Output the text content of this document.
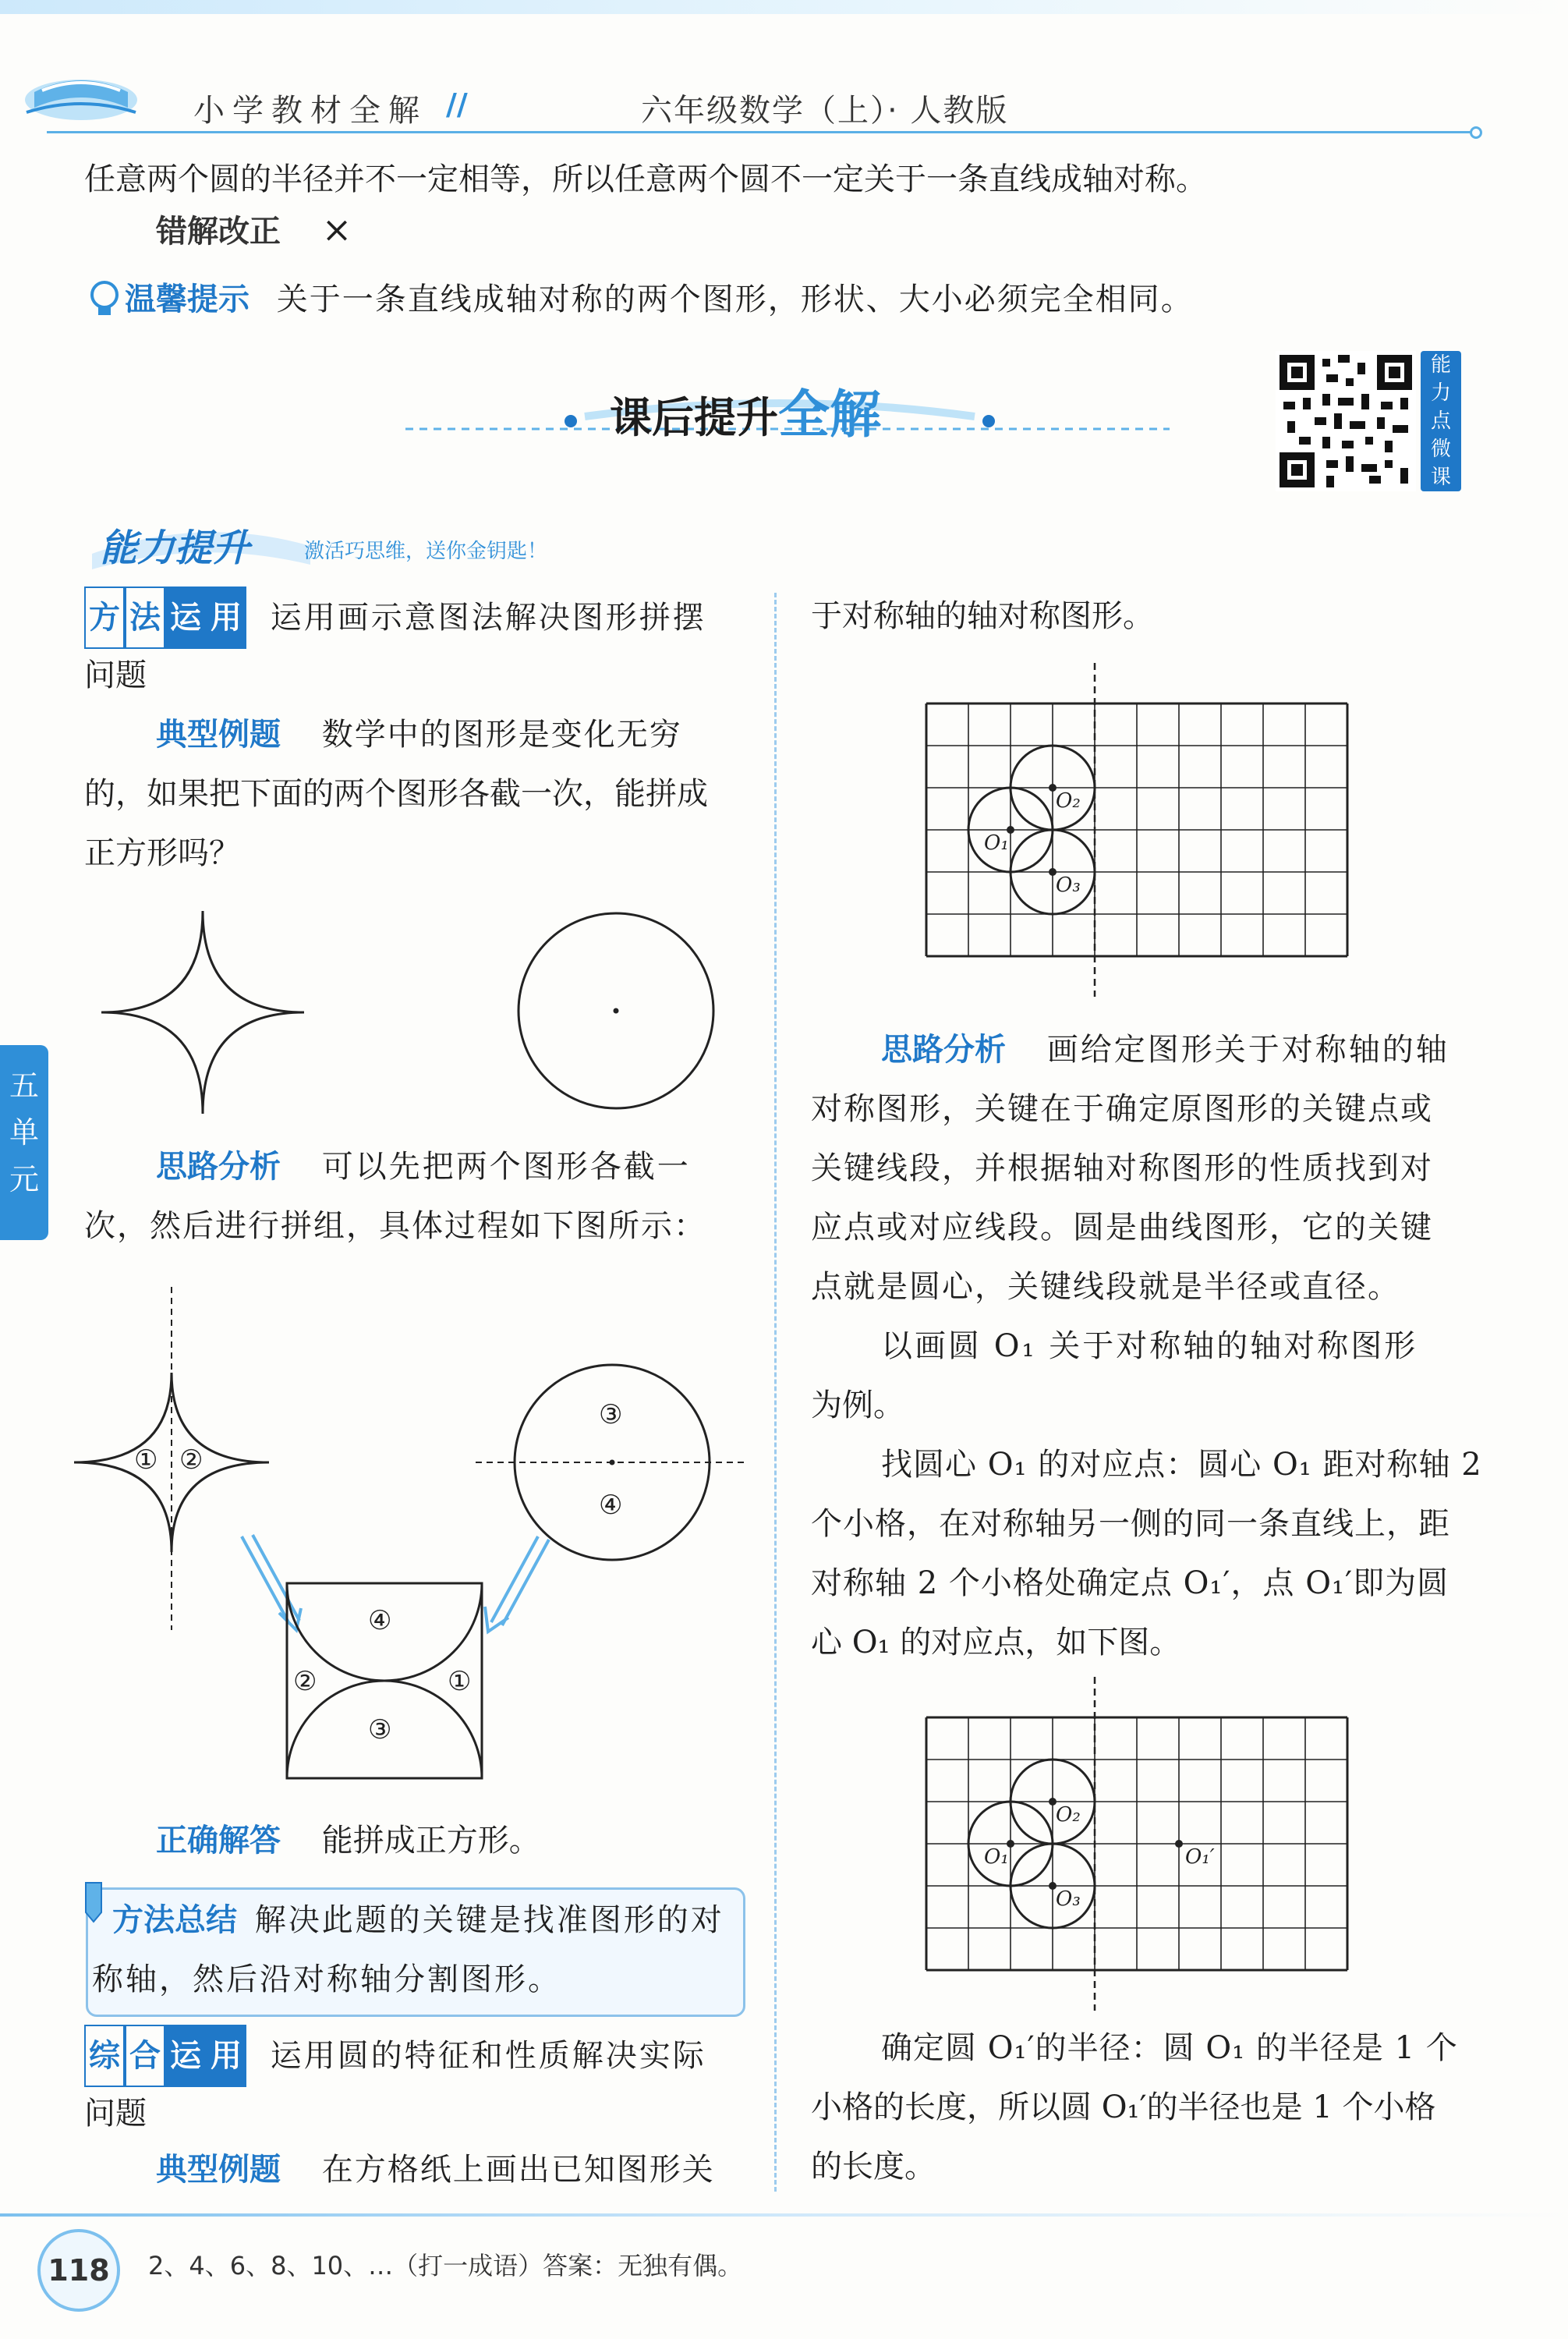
小学教材全解 //	六年级数学（上）· 人教版
任意两个圆的半径并不一定相等，所以任意两个圆不一定关于一条直线成轴对称。
错解改正 ×
温馨提示 关于一条直线成轴对称的两个图形，形状、大小必须完全相同。
课后提升全解
能
力
点
微
课
能力提升	激活巧思维，送你金钥匙！
五
单
元
方 法 运 用 运用画示意图法解决图形拼摆
问题
典型例题 数学中的图形是变化无穷
的，如果把下面的两个图形各截一次，能拼成
正方形吗？
思路分析 可以先把两个图形各截一
次，然后进行拼组，具体过程如下图所示：
① ②
③
④
④
②	①
③
正确解答 能拼成正方形。
方法总结 解决此题的关键是找准图形的对
称轴，然后沿对称轴分割图形。
综 合 运 用 运用圆的特征和性质解决实际
问题
典型例题 在方格纸上画出已知图形关
于对称轴的轴对称图形。
思路分析 画给定图形关于对称轴的轴
对称图形，关键在于确定原图形的关键点或
关键线段，并根据轴对称图形的性质找到对
应点或对应线段。圆是曲线图形，它的关键
点就是圆心，关键线段就是半径或直径。
以画圆 O₁ 关于对称轴的轴对称图形
为例。
找圆心 O₁ 的对应点：圆心 O₁ 距对称轴 2
个小格，在对称轴另一侧的同一条直线上，距
对称轴 2 个小格处确定点 O₁′，点 O₁′即为圆
心 O₁ 的对应点，如下图。
确定圆 O₁′的半径：圆 O₁ 的半径是 1 个
小格的长度，所以圆 O₁′的半径也是 1 个小格
的长度。
O₂
O₁
O₃
O₂
O₁
O₃
O₁′
118	2、4、6、8、10、…（打一成语）答案：无独有偶。
